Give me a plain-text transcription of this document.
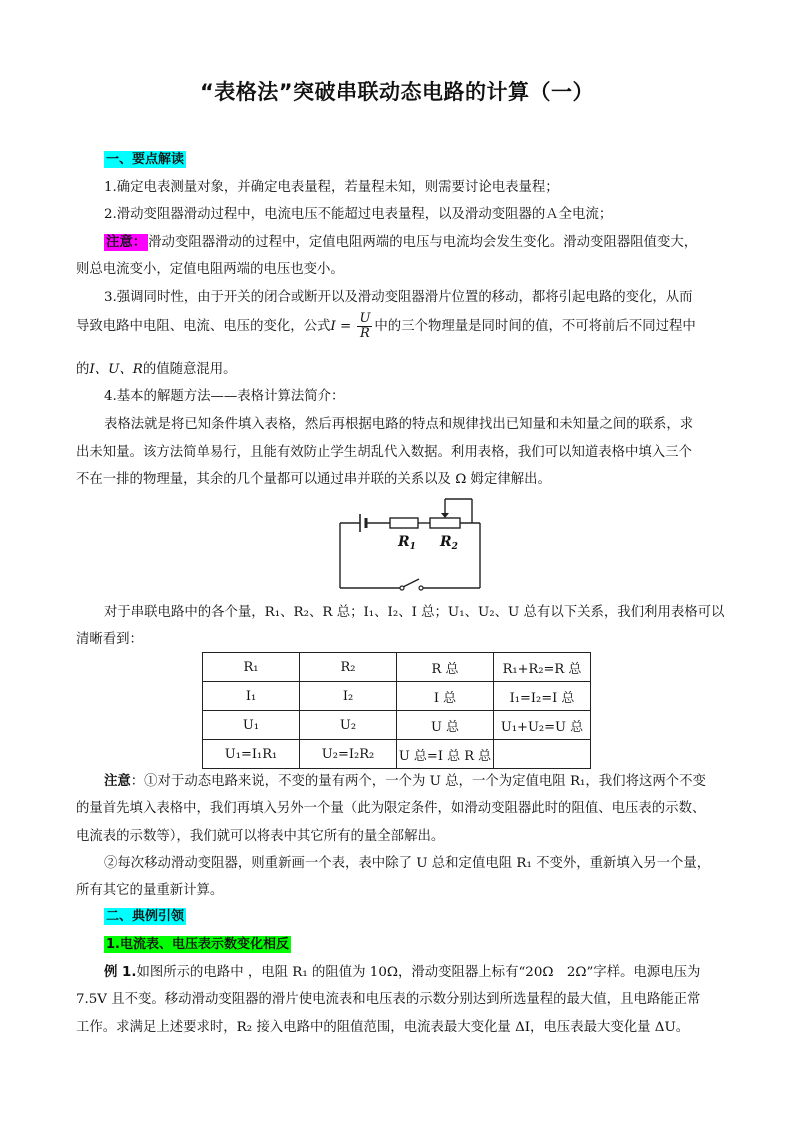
“表格法”突破串联动态电路的计算（一）
一、要点解读
1.确定电表测量对象，并确定电表量程，若量程未知，则需要讨论电表量程；
2.滑动变阻器滑动过程中，电流电压不能超过电表量程，以及滑动变阻器的Ａ全电流；
注意： 滑动变阻器滑动的过程中，定值电阻两端的电压与电流均会发生变化。滑动变阻器阻值变大，
则总电流变小，定值电阻两端的电压也变小。
3.强调同时性，由于开关的闭合或断开以及滑动变阻器滑片位置的移动，都将引起电路的变化，从而
导致电路中电阻、电流、电压的变化，公式$I = \frac{U}{R}$ 中的三个物理量是同时间的值，不可将前后不同过程中
的I、U、R的值随意混用。
4.基本的解题方法——表格计算法简介：
表格法就是将已知条件填入表格，然后再根据电路的特点和规律找出已知量和未知量之间的联系，求
出未知量。该方法简单易行，且能有效防止学生胡乱代入数据。利用表格，我们可以知道表格中填入三个
不在一排的物理量，其余的几个量都可以通过串并联的关系以及 Ω 姆定律解出。
$R_1$ $R_2$
对于串联电路中的各个量，R₁、R₂、R 总；I₁、I₂、I 总；U₁、U₂、U 总有以下关系，我们利用表格可以
清晰看到：
R₁	R₂	R 总	R₁+R₂=R 总
I₁	I₂	I 总	I₁=I₂=I 总
U₁	U₂	U 总	U₁+U₂=U 总
U₁=I₁R₁	U₂=I₂R₂	U 总=I 总 R 总	
注意：①对于动态电路来说，不变的量有两个，一个为 U 总，一个为定值电阻 R₁，我们将这两个不变
的量首先填入表格中，我们再填入另外一个量（此为限定条件，如滑动变阻器此时的阻值、电压表的示数、
电流表的示数等），我们就可以将表中其它所有的量全部解出。
②每次移动滑动变阻器，则重新画一个表，表中除了 U 总和定值电阻 R₁ 不变外，重新填入另一个量，
所有其它的量重新计算。
二、典例引领
1.电流表、电压表示数变化相反
例 1.如图所示的电路中 ，电阻 R₁ 的阻值为 10Ω，滑动变阻器上标有“20Ω　2Ω”字样。电源电压为
7.5V 且不变。移动滑动变阻器的滑片使电流表和电压表的示数分别达到所选量程的最大值，且电路能正常
工作。求满足上述要求时，R₂ 接入电路中的阻值范围，电流表最大变化量 ΔI，电压表最大变化量 ΔU。
